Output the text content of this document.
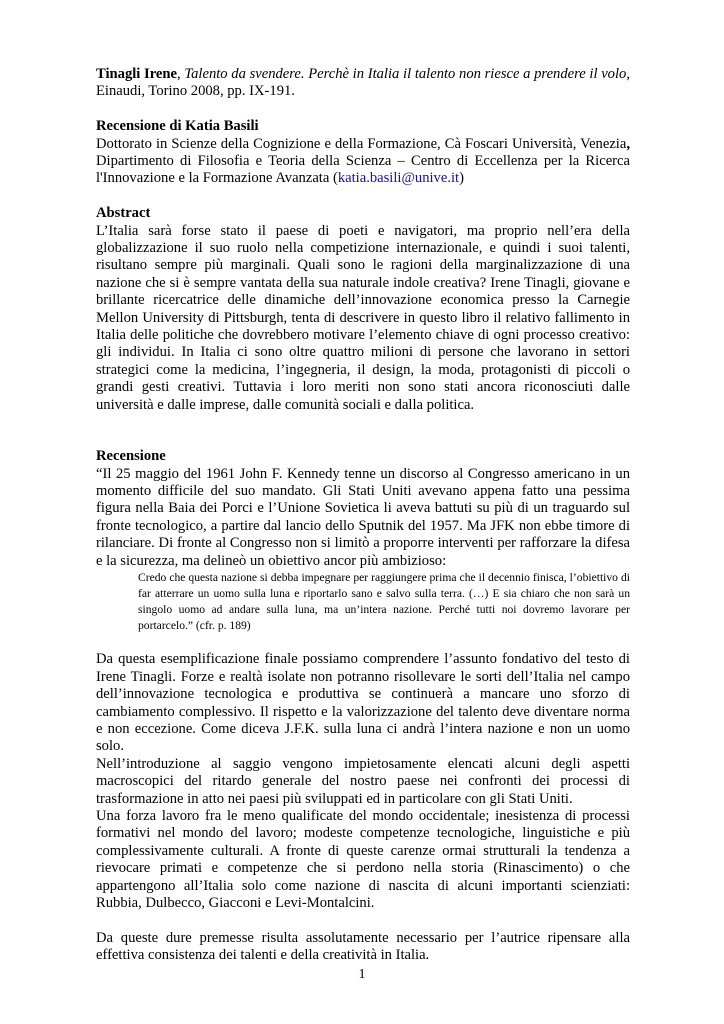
Tinagli Irene, Talento da svendere. Perchè in Italia il talento non riesce a prendere il volo, Einaudi, Torino 2008, pp. IX-191.

Recensione di Katia Basili

Dottorato in Scienze della Cognizione e della Formazione, Cà Foscari Università, Venezia, Dipartimento di Filosofia e Teoria della Scienza – Centro di Eccellenza per la Ricerca l'Innovazione e la Formazione Avanzata (katia.basili@unive.it)

Abstract

L’Italia sarà forse stato il paese di poeti e navigatori, ma proprio nell’era della globalizzazione il suo ruolo nella competizione internazionale, e quindi i suoi talenti, risultano sempre più marginali. Quali sono le ragioni della marginalizzazione di una nazione che si è sempre vantata della sua naturale indole creativa? Irene Tinagli, giovane e brillante ricercatrice delle dinamiche dell’innovazione economica presso la Carnegie Mellon University di Pittsburgh, tenta di descrivere in questo libro il relativo fallimento in Italia delle politiche che dovrebbero motivare l’elemento chiave di ogni processo creativo: gli individui. In Italia ci sono oltre quattro milioni di persone che lavorano in settori strategici come la medicina, l’ingegneria, il design, la moda, protagonisti di piccoli o grandi gesti creativi. Tuttavia i loro meriti non sono stati ancora riconosciuti dalle università e dalle imprese, dalle comunità sociali e dalla politica.

Recensione

“Il 25 maggio del 1961 John F. Kennedy tenne un discorso al Congresso americano in un momento difficile del suo mandato. Gli Stati Uniti avevano appena fatto una pessima figura nella Baia dei Porci e l’Unione Sovietica li aveva battuti su più di un traguardo sul fronte tecnologico, a partire dal lancio dello Sputnik del 1957. Ma JFK non ebbe timore di rilanciare. Di fronte al Congresso non si limitò a proporre interventi per rafforzare la difesa e la sicurezza, ma delineò un obiettivo ancor più ambizioso:

Credo che questa nazione si debba impegnare per raggiungere prima che il decennio finisca, l’obiettivo di far atterrare un uomo sulla luna e riportarlo sano e salvo sulla terra. (…) E sia chiaro che non sarà un singolo uomo ad andare sulla luna, ma un’intera nazione. Perché tutti noi dovremo lavorare per portarcelo.” (cfr. p. 189)

Da questa esemplificazione finale possiamo comprendere l’assunto fondativo del testo di Irene Tinagli. Forze e realtà isolate non potranno risollevare le sorti dell’Italia nel campo dell’innovazione tecnologica e produttiva se continuerà a mancare uno sforzo di cambiamento complessivo. Il rispetto e la valorizzazione del talento deve diventare norma e non eccezione. Come diceva J.F.K. sulla luna ci andrà l’intera nazione e non un uomo solo.

Nell’introduzione al saggio vengono impietosamente elencati alcuni degli aspetti macroscopici del ritardo generale del nostro paese nei confronti dei processi di trasformazione in atto nei paesi più sviluppati ed in particolare con gli Stati Uniti.

Una forza lavoro fra le meno qualificate del mondo occidentale; inesistenza di processi formativi nel mondo del lavoro; modeste competenze tecnologiche, linguistiche e più complessivamente culturali. A fronte di queste carenze ormai strutturali la tendenza a rievocare primati e competenze che si perdono nella storia (Rinascimento) o che appartengono all’Italia solo come nazione di nascita di alcuni importanti scienziati: Rubbia, Dulbecco, Giacconi e Levi-Montalcini.

Da queste dure premesse risulta assolutamente necessario per l’autrice ripensare alla effettiva consistenza dei talenti e della creatività in Italia.

1
